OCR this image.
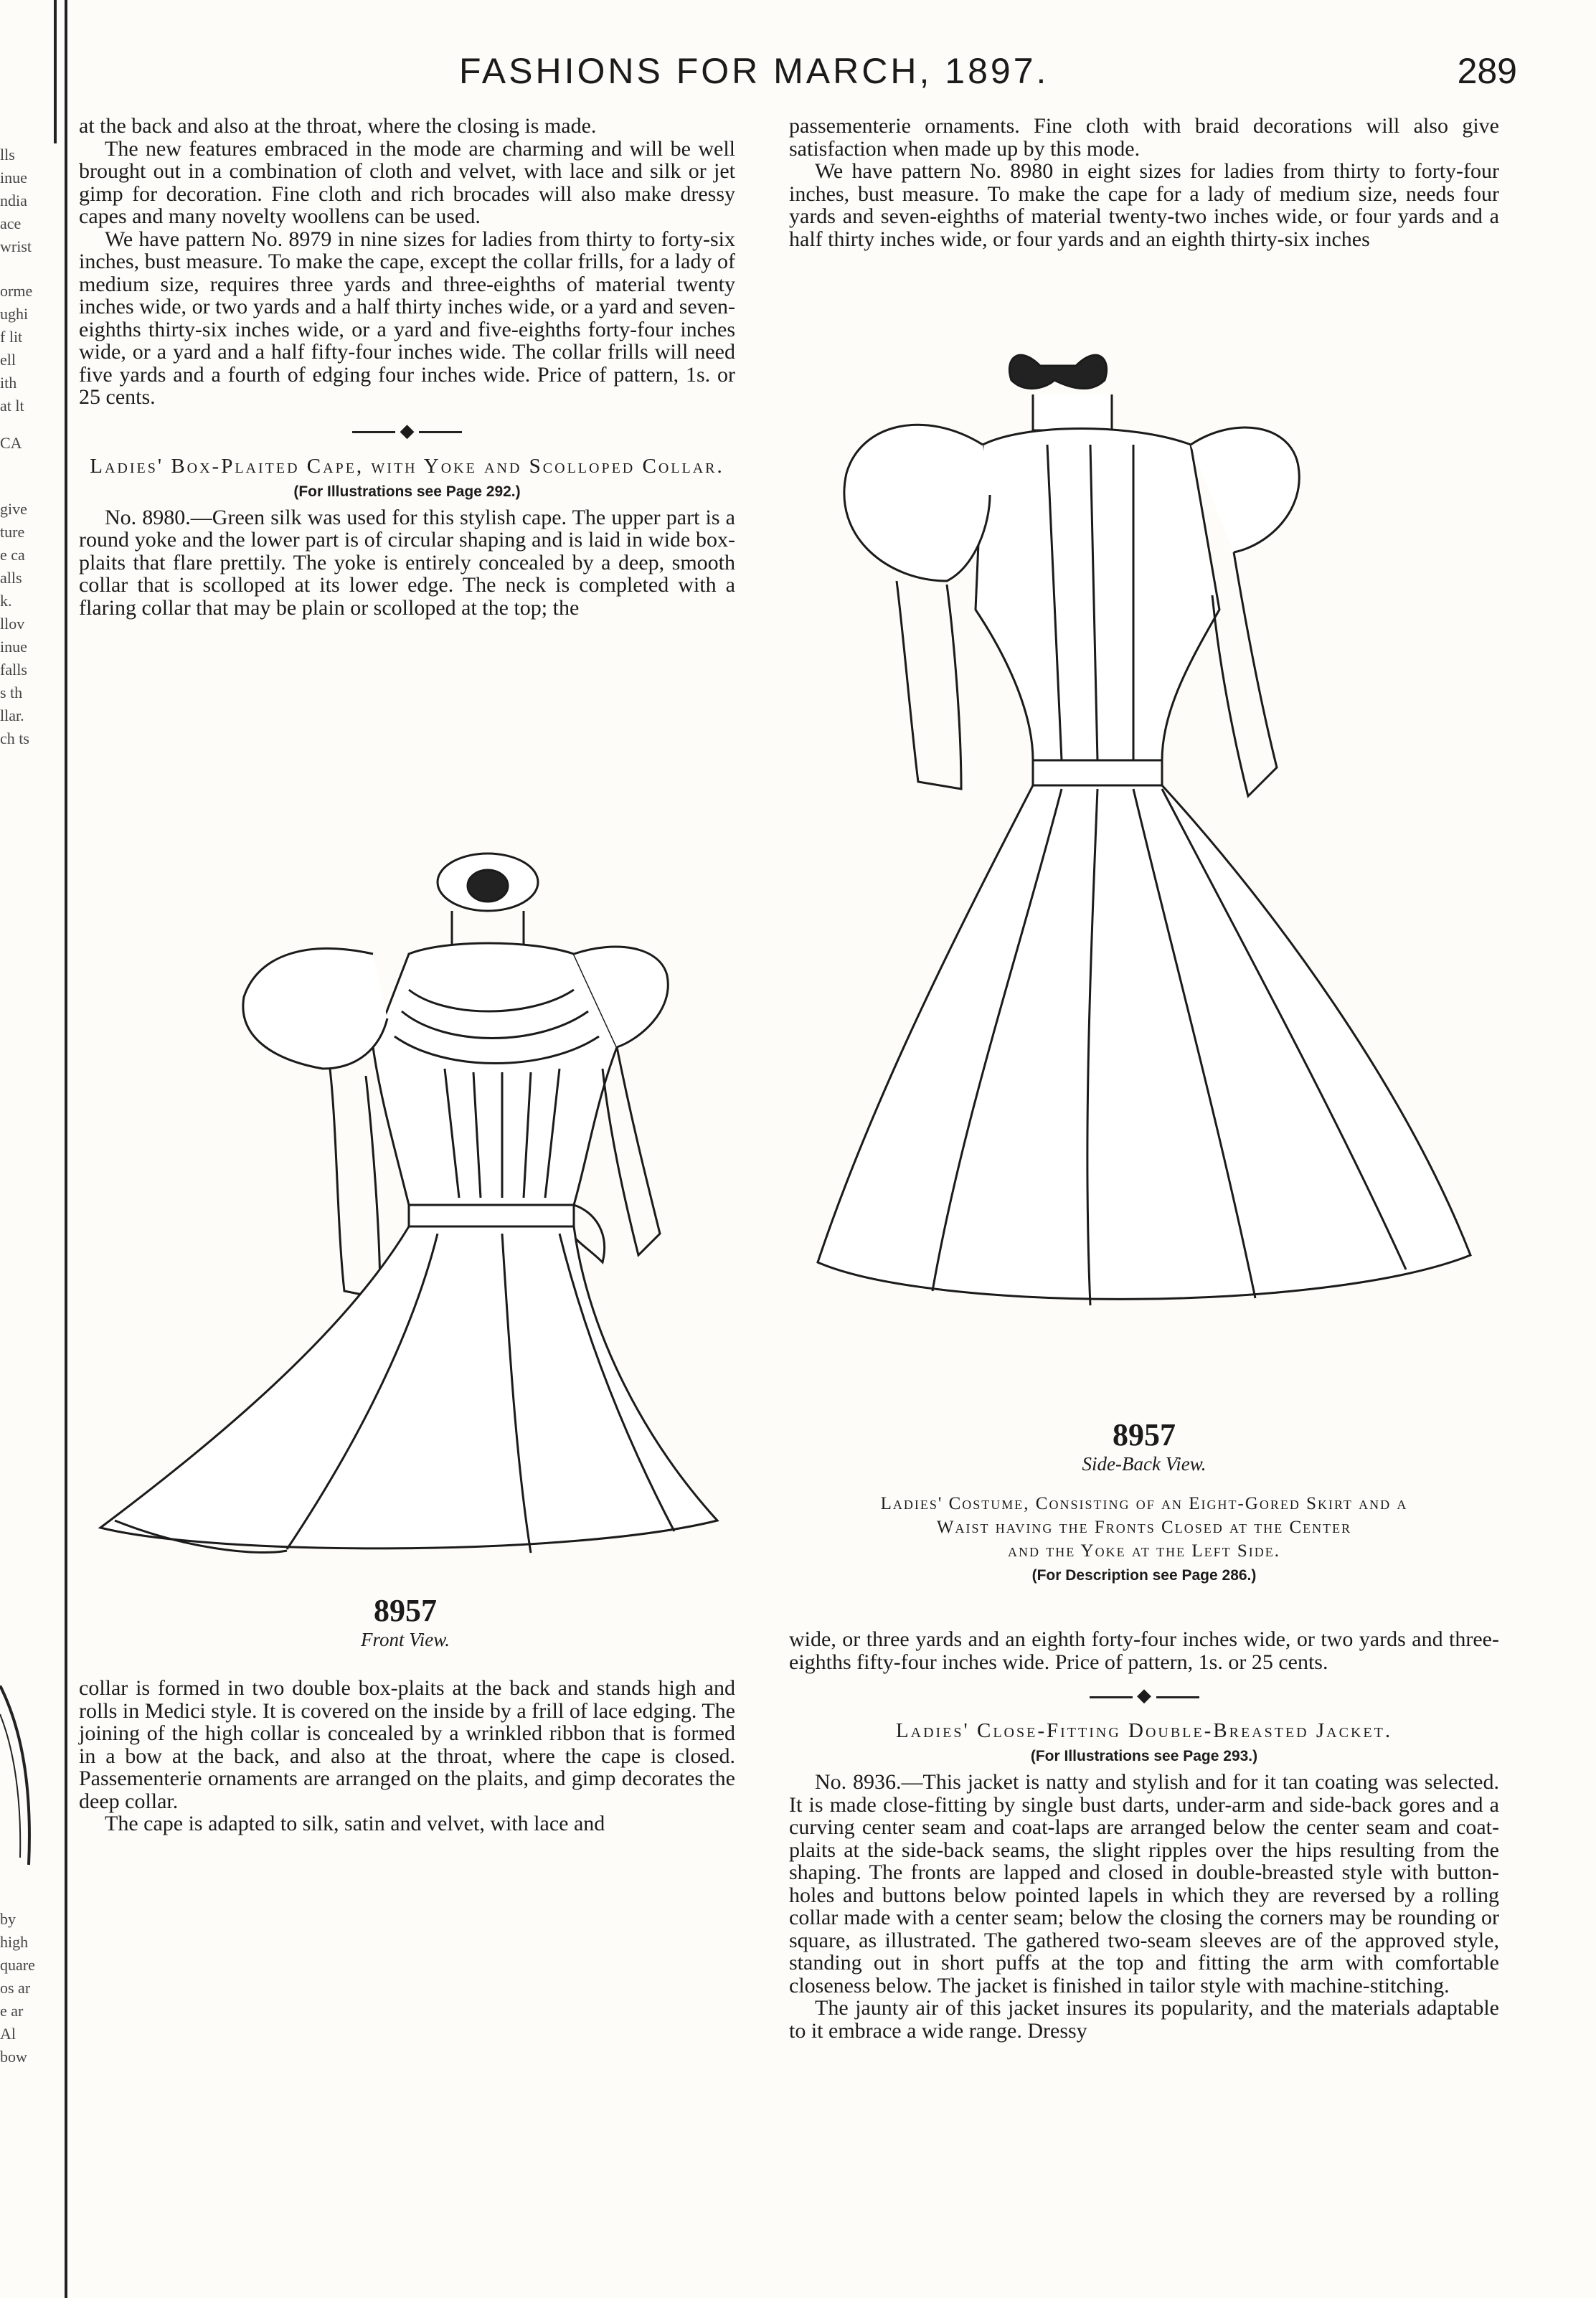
lls
inue
ndia
ace
wrist
orme
ughi
f lit
ell
ith
at lt
CA
give
ture
e ca
alls
k.
llov
inue
falls
s th
llar.
ch ts
by
high
quare
os ar
e ar
Al
bow
FASHIONS FOR MARCH, 1897.	289

at the back and also at the throat, where the closing is made.

The new features embraced in the mode are charming and will be well brought out in a combination of cloth and velvet, with lace and silk or jet gimp for decoration. Fine cloth and rich brocades will also make dressy capes and many novelty woollens can be used.

We have pattern No. 8979 in nine sizes for ladies from thirty to forty-six inches, bust measure. To make the cape, except the collar frills, for a lady of medium size, requires three yards and three-eighths of material twenty inches wide, or two yards and a half thirty inches wide, or a yard and seven-eighths thirty-six inches wide, or a yard and five-eighths forty-four inches wide, or a yard and a half fifty-four inches wide. The collar frills will need five yards and a fourth of edging four inches wide. Price of pattern, 1s. or 25 cents.

◆

Ladies' Box-Plaited Cape, with Yoke and Scolloped Collar.

(For Illustrations see Page 292.)

No. 8980.—Green silk was used for this stylish cape. The upper part is a round yoke and the lower part is of circular shaping and is laid in wide box-plaits that flare prettily. The yoke is entirely concealed by a deep, smooth collar that is scolloped at its lower edge. The neck is completed with a flaring collar that may be plain or scolloped at the top; the

8957
Front View.

collar is formed in two double box-plaits at the back and stands high and rolls in Medici style. It is covered on the inside by a frill of lace edging. The joining of the high collar is concealed by a wrinkled ribbon that is formed in a bow at the back, and also at the throat, where the cape is closed. Passementerie ornaments are arranged on the plaits, and gimp decorates the deep collar.

The cape is adapted to silk, satin and velvet, with lace and

passementerie ornaments. Fine cloth with braid decorations will also give satisfaction when made up by this mode.

We have pattern No. 8980 in eight sizes for ladies from thirty to forty-four inches, bust measure. To make the cape for a lady of medium size, needs four yards and seven-eighths of material twenty-two inches wide, or four yards and a half thirty inches wide, or four yards and an eighth thirty-six inches

8957
Side-Back View.
Ladies' Costume, Consisting of an Eight-Gored Skirt and a
Waist having the Fronts Closed at the Center
and the Yoke at the Left Side.
(For Description see Page 286.)

wide, or three yards and an eighth forty-four inches wide, or two yards and three-eighths fifty-four inches wide. Price of pattern, 1s. or 25 cents.

◆

Ladies' Close-Fitting Double-Breasted Jacket.

(For Illustrations see Page 293.)

No. 8936.—This jacket is natty and stylish and for it tan coating was selected. It is made close-fitting by single bust darts, under-arm and side-back gores and a curving center seam and coat-laps are arranged below the center seam and coat-plaits at the side-back seams, the slight ripples over the hips resulting from the shaping. The fronts are lapped and closed in double-breasted style with button-holes and buttons below pointed lapels in which they are reversed by a rolling collar made with a center seam; below the closing the corners may be rounding or square, as illustrated. The gathered two-seam sleeves are of the approved style, standing out in short puffs at the top and fitting the arm with comfortable closeness below. The jacket is finished in tailor style with machine-stitching.

The jaunty air of this jacket insures its popularity, and the materials adaptable to it embrace a wide range. Dressy
